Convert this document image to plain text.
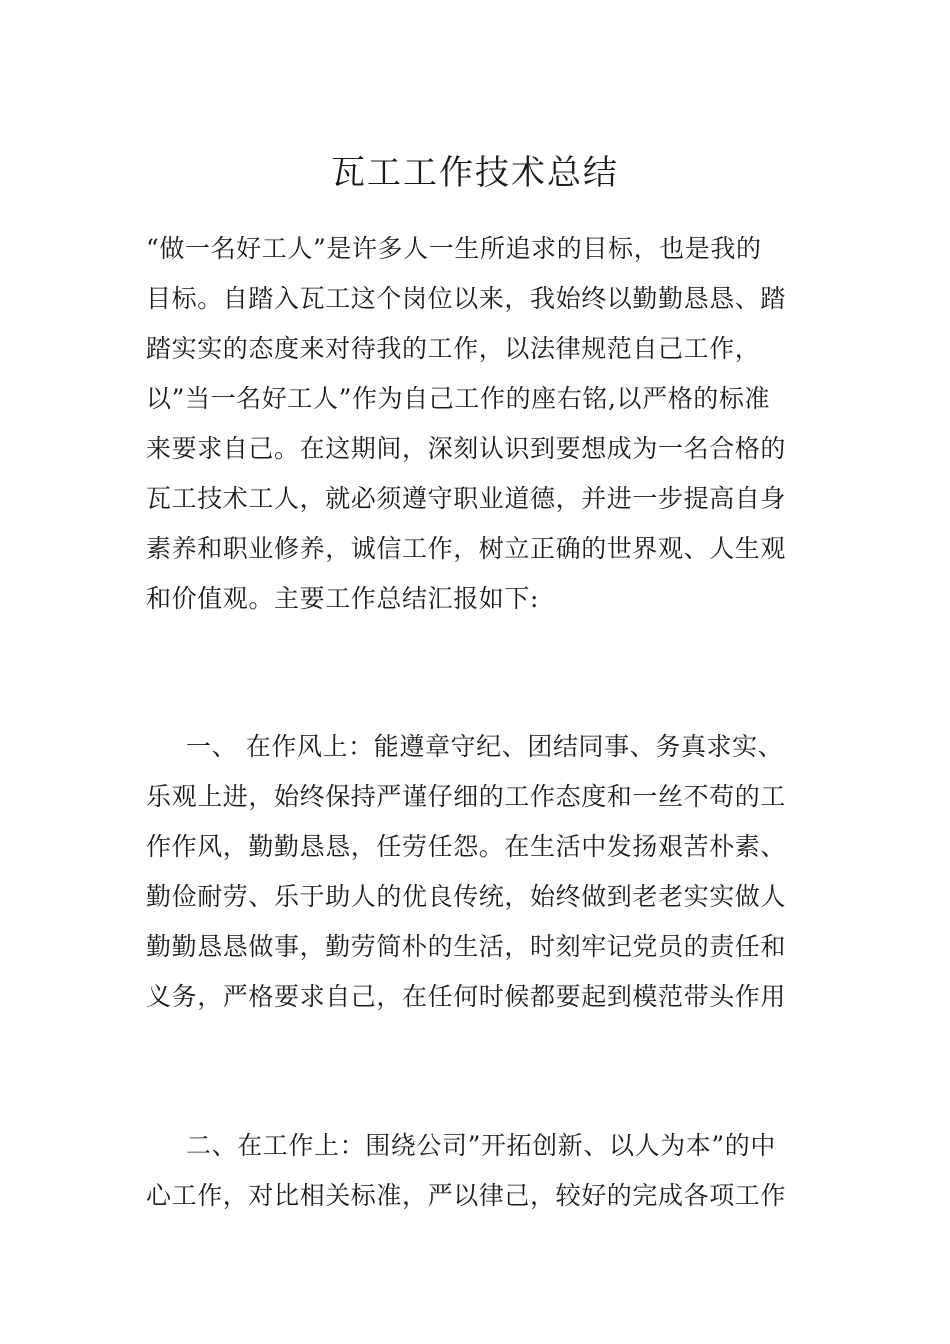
瓦工工作技术总结
“做一名好工人”是许多人一生所追求的目标，也是我的
目标。自踏入瓦工这个岗位以来，我始终以勤勤恳恳、踏
踏实实的态度来对待我的工作，以法律规范自己工作，
以”当一名好工人”作为自己工作的座右铭,以严格的标准
来要求自己。在这期间，深刻认识到要想成为一名合格的
瓦工技术工人，就必须遵守职业道德，并进一步提高自身
素养和职业修养，诚信工作，树立正确的世界观、人生观
和价值观。主要工作总结汇报如下:
一、 在作风上：能遵章守纪、团结同事、务真求实、
乐观上进，始终保持严谨仔细的工作态度和一丝不苟的工
作作风，勤勤恳恳，任劳任怨。在生活中发扬艰苦朴素、
勤俭耐劳、乐于助人的优良传统，始终做到老老实实做人
勤勤恳恳做事，勤劳简朴的生活，时刻牢记党员的责任和
义务，严格要求自己，在任何时候都要起到模范带头作用
二、在工作上：围绕公司”开拓创新、以人为本”的中
心工作，对比相关标准，严以律己，较好的完成各项工作
